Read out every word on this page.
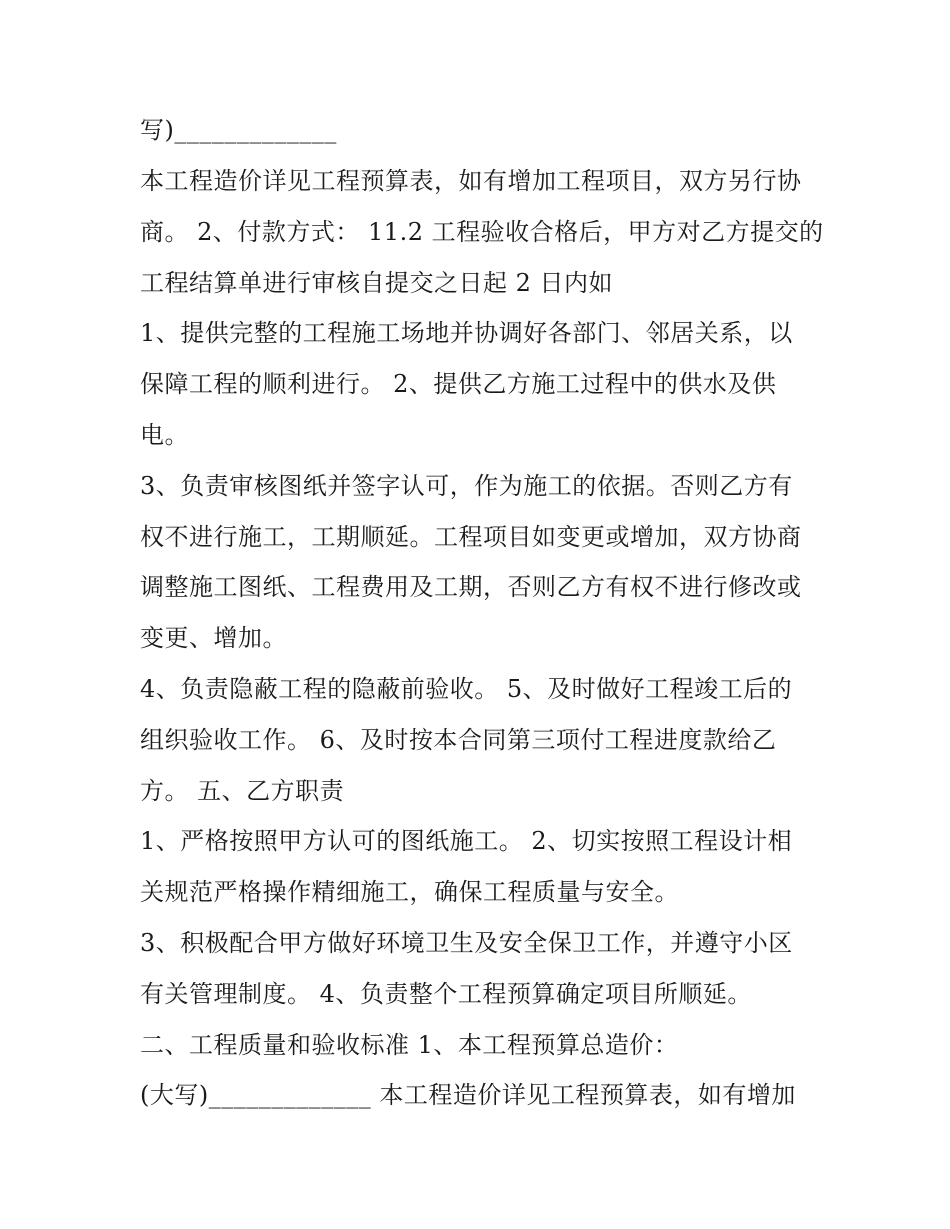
写)_____________
本工程造价详见工程预算表，如有增加工程项目，双方另行协
商。 2、付款方式： 11.2 工程验收合格后，甲方对乙方提交的
工程结算单进行审核自提交之日起 2 日内如
1、提供完整的工程施工场地并协调好各部门、邻居关系，以
保障工程的顺利进行。 2、提供乙方施工过程中的供水及供
电。
3、负责审核图纸并签字认可，作为施工的依据。否则乙方有
权不进行施工，工期顺延。工程项目如变更或增加，双方协商
调整施工图纸、工程费用及工期，否则乙方有权不进行修改或
变更、增加。
4、负责隐蔽工程的隐蔽前验收。 5、及时做好工程竣工后的
组织验收工作。 6、及时按本合同第三项付工程进度款给乙
方。 五、乙方职责
1、严格按照甲方认可的图纸施工。 2、切实按照工程设计相
关规范严格操作精细施工，确保工程质量与安全。
3、积极配合甲方做好环境卫生及安全保卫工作，并遵守小区
有关管理制度。 4、负责整个工程预算确定项目所顺延。
二、工程质量和验收标准 1、本工程预算总造价：
(大写)_____________ 本工程造价详见工程预算表，如有增加
